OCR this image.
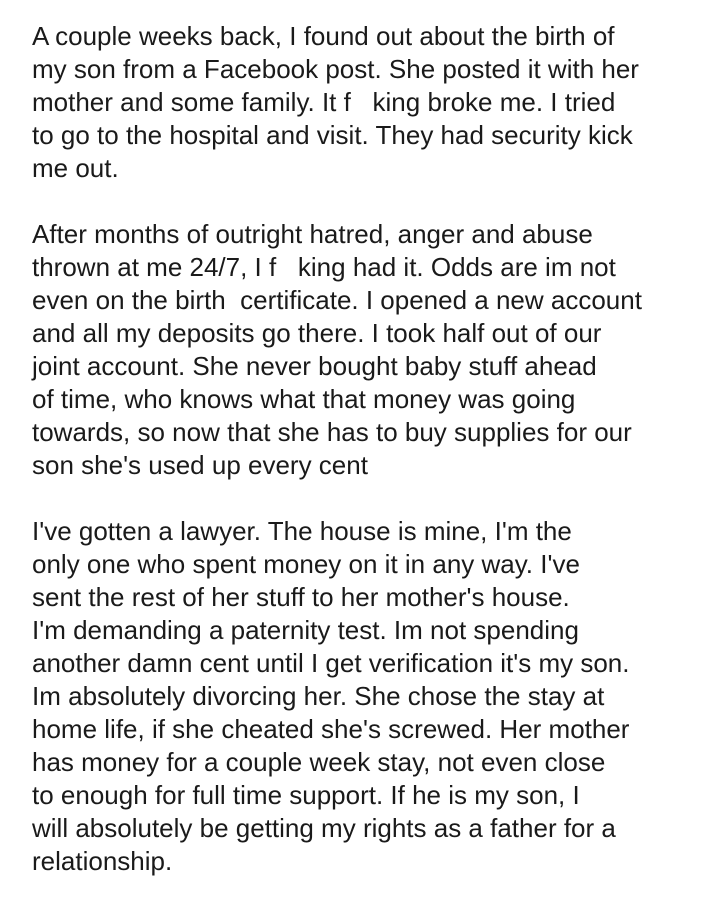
A couple weeks back, I found out about the birth of
my son from a Facebook post. She posted it with her
mother and some family. It f   king broke me. I tried
to go to the hospital and visit. They had security kick
me out.

After months of outright hatred, anger and abuse
thrown at me 24/7, I f   king had it. Odds are im not
even on the birth  certificate. I opened a new account
and all my deposits go there. I took half out of our
joint account. She never bought baby stuff ahead
of time, who knows what that money was going
towards, so now that she has to buy supplies for our
son she's used up every cent

I've gotten a lawyer. The house is mine, I'm the
only one who spent money on it in any way. I've
sent the rest of her stuff to her mother's house.
I'm demanding a paternity test. Im not spending
another damn cent until I get verification it's my son.
Im absolutely divorcing her. She chose the stay at
home life, if she cheated she's screwed. Her mother
has money for a couple week stay, not even close
to enough for full time support. If he is my son, I
will absolutely be getting my rights as a father for a
relationship.
